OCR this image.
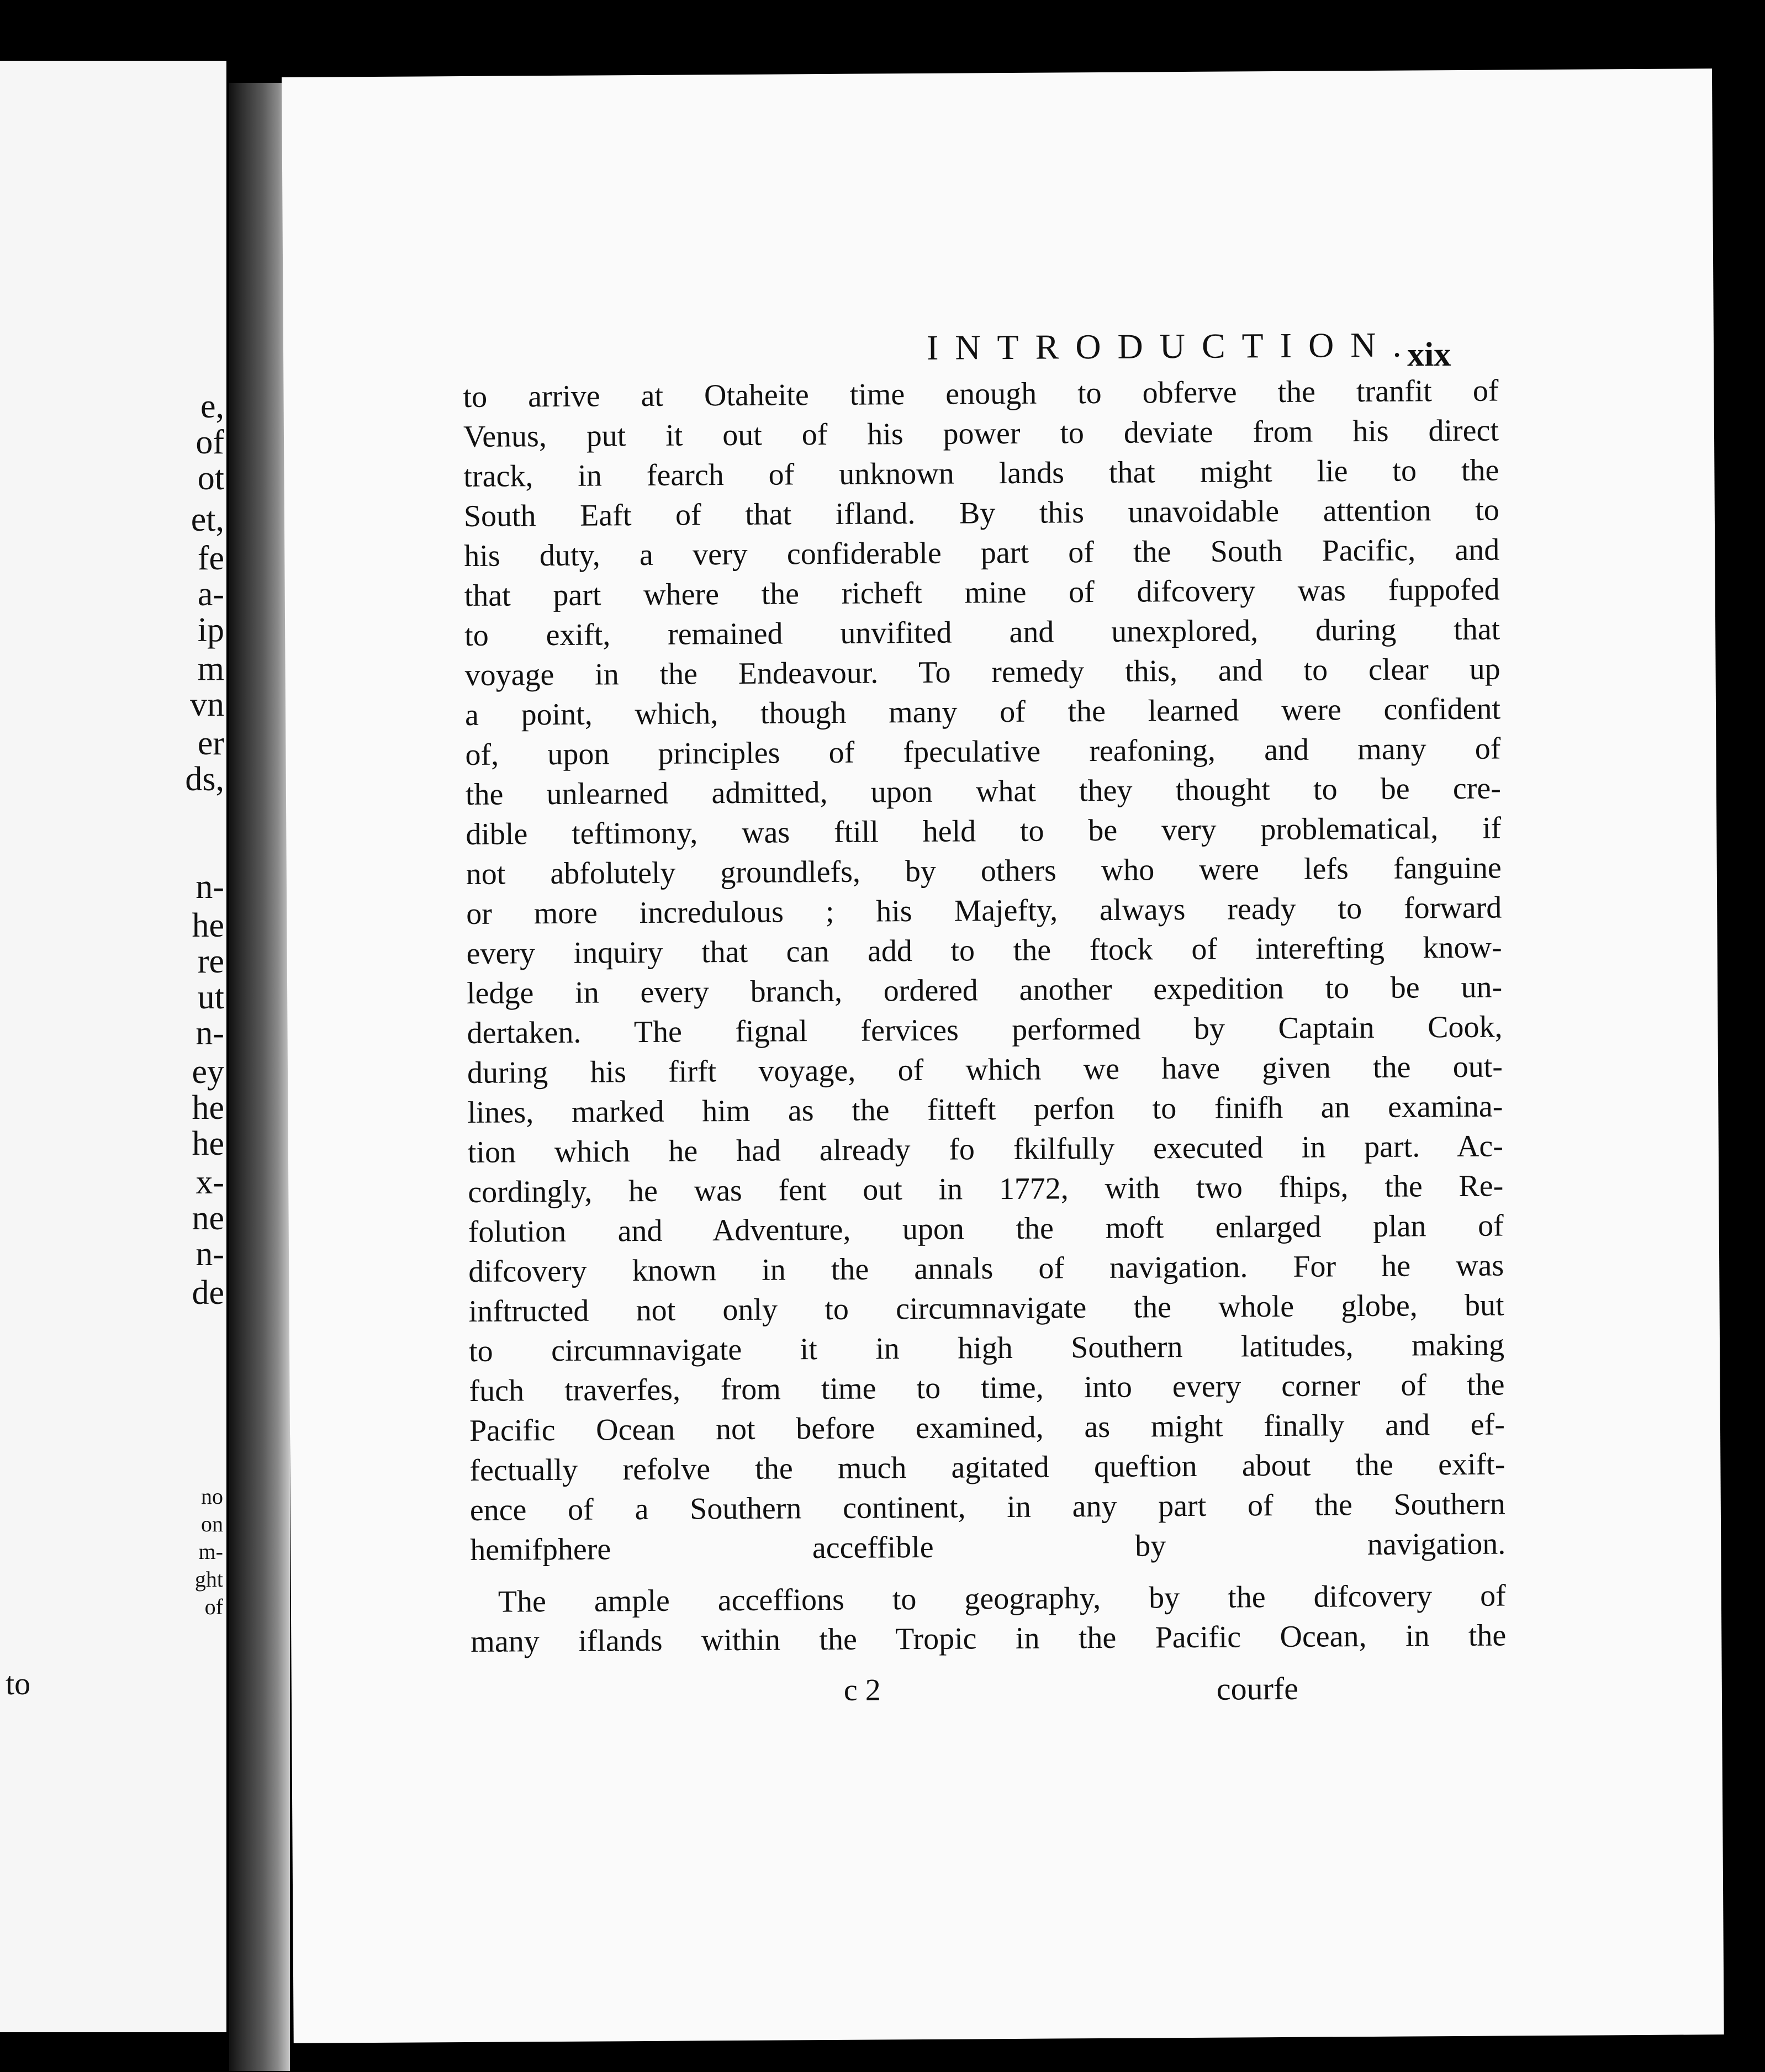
e,
of
ot
et,
fe
a-
ip
m
vn
er
ds,
n-
he
re
ut
n-
ey
he
he
x-
ne
n-
de
no
on
m-
ght
of
to
INTRODUCTION.
xix

to arrive at Otaheite time enough to obferve the tranfit of
Venus, put it out of his power to deviate from his direct
track, in fearch of unknown lands that might lie to the
South Eaft of that ifland. By this unavoidable attention to
his duty, a very confiderable part of the South Pacific, and
that part where the richeft mine of difcovery was fuppofed
to exift, remained unvifited and unexplored, during that
voyage in the Endeavour. To remedy this, and to clear up
a point, which, though many of the learned were confident
of, upon principles of fpeculative reafoning, and many of
the unlearned admitted, upon what they thought to be cre-
dible teftimony, was ftill held to be very problematical, if
not abfolutely groundlefs, by others who were lefs fanguine
or more incredulous ; his Majefty, always ready to forward
every inquiry that can add to the ftock of interefting know-
ledge in every branch, ordered another expedition to be un-
dertaken. The fignal fervices performed by Captain Cook,
during his firft voyage, of which we have given the out-
lines, marked him as the fitteft perfon to finifh an examina-
tion which he had already fo fkilfully executed in part. Ac-
cordingly, he was fent out in 1772, with two fhips, the Re-
folution and Adventure, upon the moft enlarged plan of
difcovery known in the annals of navigation. For he was
inftructed not only to circumnavigate the whole globe, but
to circumnavigate it in high Southern latitudes, making
fuch traverfes, from time to time, into every corner of the
Pacific Ocean not before examined, as might finally and ef-
fectually refolve the much agitated queftion about the exift-
ence of a Southern continent, in any part of the Southern
hemifphere acceffible by navigation.

The ample acceffions to geography, by the difcovery of
many iflands within the Tropic in the Pacific Ocean, in the

c 2	courfe
